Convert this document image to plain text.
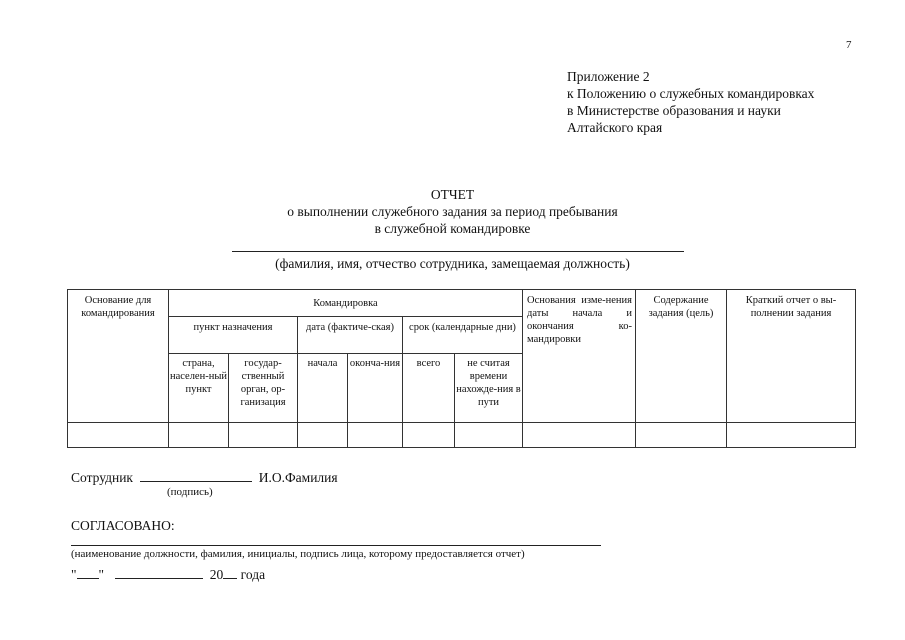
7
Приложение 2
к Положению о служебных командировках
в Министерстве образования и науки
Алтайского края
ОТЧЕТ
о выполнении служебного задания за период пребывания
в служебной командировке
(фамилия, имя, отчество сотрудника, замещаемая должность)
Основание для командирования	Командировка						Основания изме-нения даты начала и окончания ко-мандировки	Содержание задания (цель)	Краткий отчет о вы-полнении задания
	пункт назначения		дата (фактиче-ская)		срок (календарные дни)				
	страна, населен-ный пункт	государ-ственный орган, ор-ганизация	начала	оконча-ния	всего	не считая времени нахожде-ния в пути			

Сотрудник	И.О.Фамилия
(подпись)
СОГЛАСОВАНО:
(наименование должности, фамилия, инициалы, подпись лица, которому предоставляется отчет)
" "	20 года
